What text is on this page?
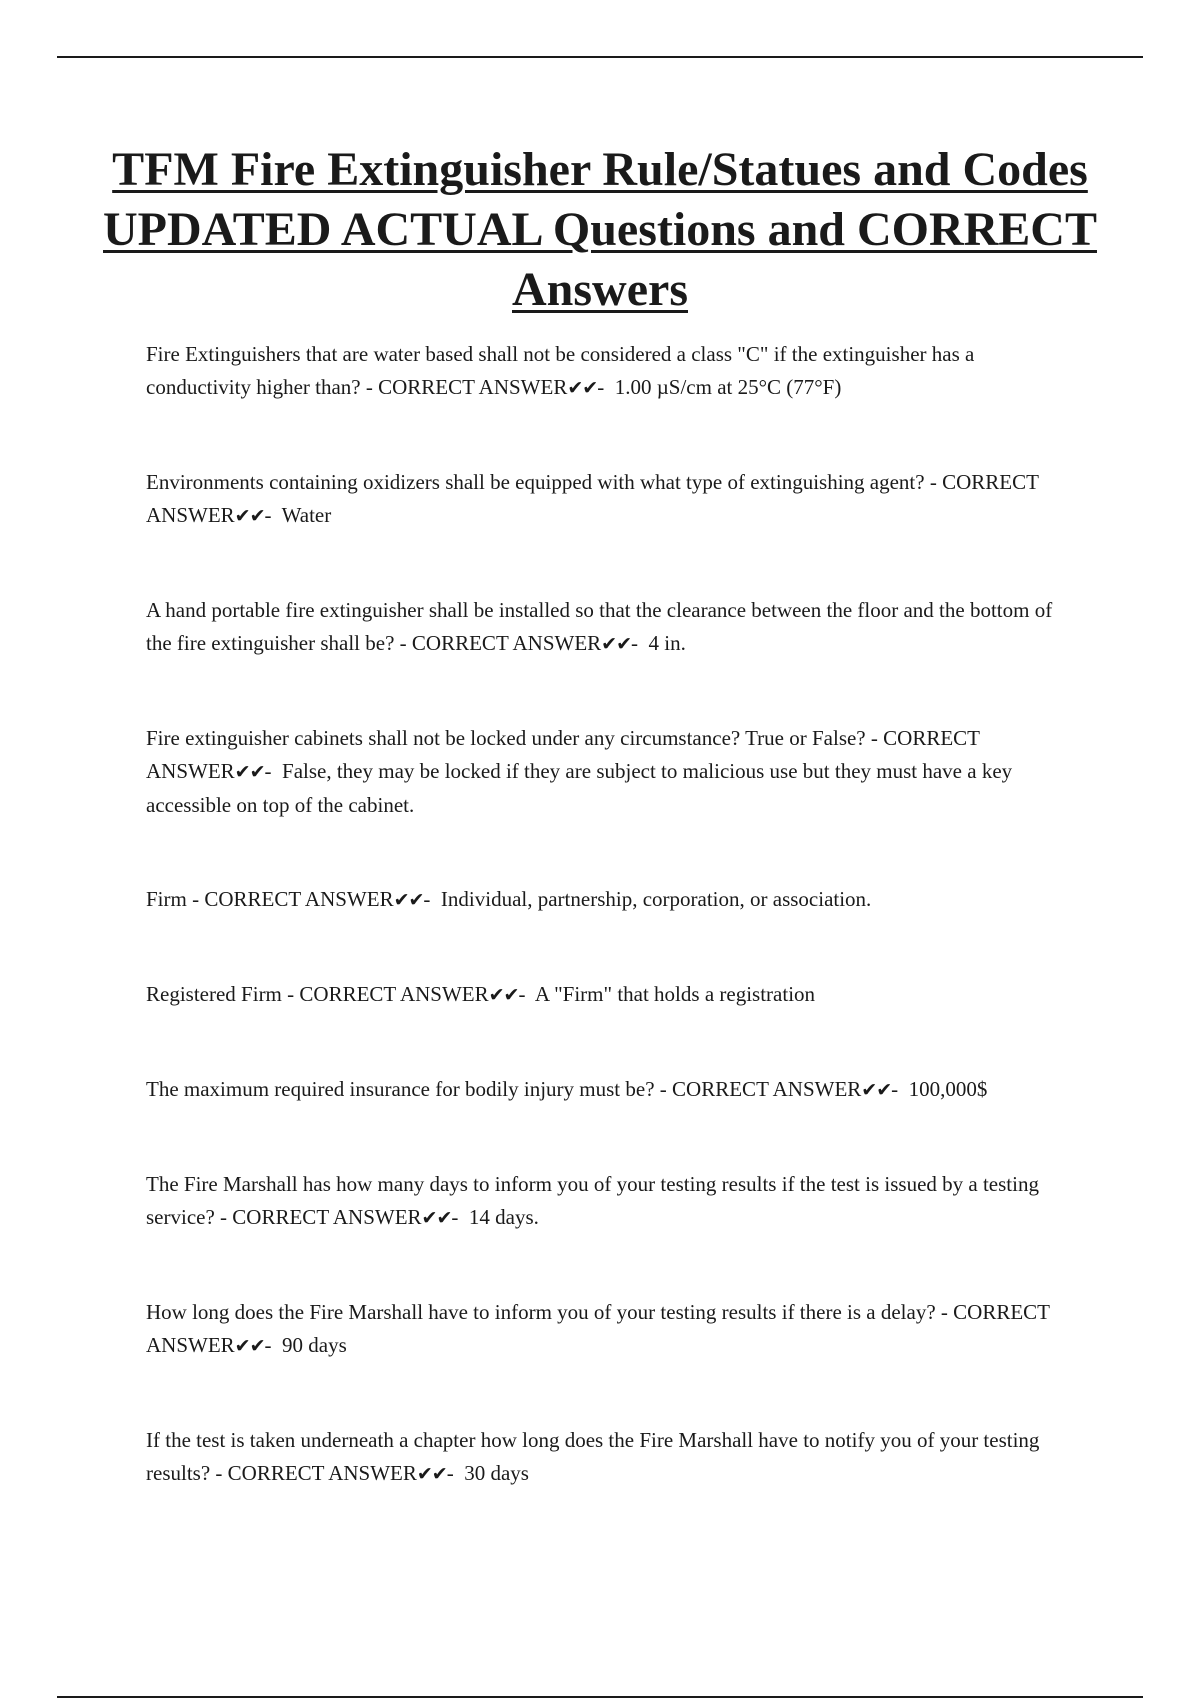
TFM Fire Extinguisher Rule/Statues and Codes UPDATED ACTUAL Questions and CORRECT Answers

Fire Extinguishers that are water based shall not be considered a class "C" if the extinguisher has a conductivity higher than? - CORRECT ANSWER✔✔-  1.00 µS/cm at 25°C (77°F)

Environments containing oxidizers shall be equipped with what type of extinguishing agent? - CORRECT ANSWER✔✔-  Water

A hand portable fire extinguisher shall be installed so that the clearance between the floor and the bottom of the fire extinguisher shall be? - CORRECT ANSWER✔✔-  4 in.

Fire extinguisher cabinets shall not be locked under any circumstance? True or False? - CORRECT ANSWER✔✔-  False, they may be locked if they are subject to malicious use but they must have a key accessible on top of the cabinet.

Firm - CORRECT ANSWER✔✔-  Individual, partnership, corporation, or association.

Registered Firm - CORRECT ANSWER✔✔-  A "Firm" that holds a registration

The maximum required insurance for bodily injury must be? - CORRECT ANSWER✔✔-  100,000$

The Fire Marshall has how many days to inform you of your testing results if the test is issued by a testing service? - CORRECT ANSWER✔✔-  14 days.

How long does the Fire Marshall have to inform you of your testing results if there is a delay? - CORRECT ANSWER✔✔-  90 days

If the test is taken underneath a chapter how long does the Fire Marshall have to notify you of your testing results? - CORRECT ANSWER✔✔-  30 days
